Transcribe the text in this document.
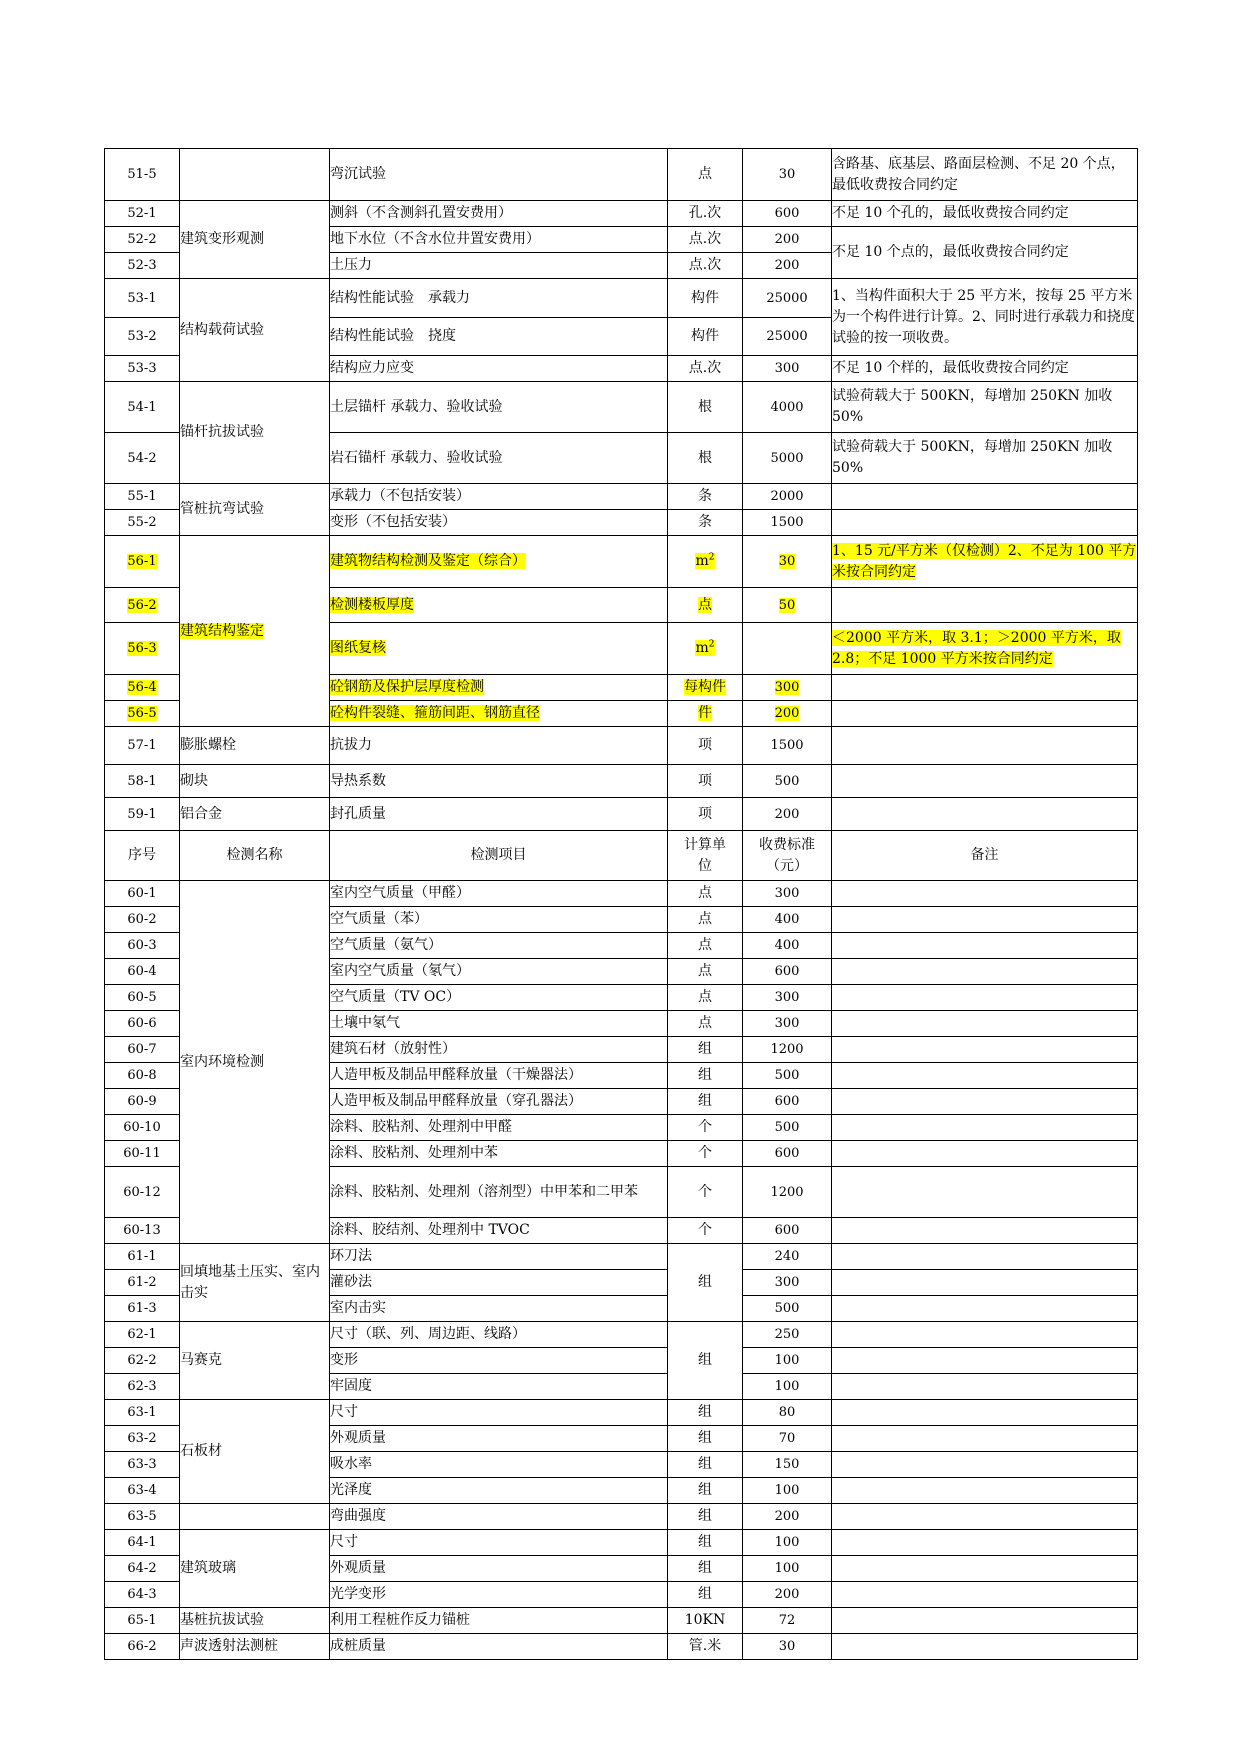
51-5		弯沉试验	点	30	含路基、底基层、路面层检测、不足 20 个点，最低收费按合同约定
52-1	建筑变形观测	测斜（不含测斜孔置安费用）	孔.次	600	不足 10 个孔的，最低收费按合同约定
52-2		地下水位（不含水位井置安费用）	点.次	200	不足 10 个点的，最低收费按合同约定
52-3		土压力	点.次	200	
53-1	结构载荷试验	结构性能试验　承载力	构件	25000	1、当构件面积大于 25 平方米，按每 25 平方米为一个构件进行计算。2、同时进行承载力和挠度试验的按一项收费。
53-2		结构性能试验　挠度	构件	25000	
53-3		结构应力应变	点.次	300	不足 10 个样的，最低收费按合同约定
54-1	锚杆抗拔试验	土层锚杆 承载力、验收试验	根	4000	试验荷载大于 500KN，每增加 250KN 加收 50%
54-2		岩石锚杆 承载力、验收试验	根	5000	试验荷载大于 500KN，每增加 250KN 加收 50%
55-1	管桩抗弯试验	承载力（不包括安装）	条	2000	
55-2		变形（不包括安装）	条	1500	
56-1	建筑结构鉴定	建筑物结构检测及鉴定（综合）	$m^2$	30	1、15 元/平方米（仅检测）2、不足为 100 平方米按合同约定
56-2		检测楼板厚度	点	50	
56-3		图纸复核	$m^2$		＜2000 平方米，取 3.1；＞2000 平方米，取 2.8；不足 1000 平方米按合同约定
56-4		砼钢筋及保护层厚度检测	每构件	300	
56-5		砼构件裂缝、箍筋间距、钢筋直径	件	200	
57-1	膨胀螺栓	抗拔力	项	1500	
58-1	砌块	导热系数	项	500	
59-1	铝合金	封孔质量	项	200	
序号	检测名称	检测项目	计算单位	收费标准（元）	备注
60-1	室内环境检测	室内空气质量（甲醛）	点	300	
60-2		空气质量（苯）	点	400	
60-3		空气质量（氨气）	点	400	
60-4		室内空气质量（氡气）	点	600	
60-5		空气质量（TV OC）	点	300	
60-6		土壤中氡气	点	300	
60-7		建筑石材（放射性）	组	1200	
60-8		人造甲板及制品甲醛释放量（干燥器法）	组	500	
60-9		人造甲板及制品甲醛释放量（穿孔器法）	组	600	
60-10		涂料、胶粘剂、处理剂中甲醛	个	500	
60-11		涂料、胶粘剂、处理剂中苯	个	600	
60-12		涂料、胶粘剂、处理剂（溶剂型）中甲苯和二甲苯	个	1200	
60-13		涂料、胶结剂、处理剂中 TVOC	个	600	
61-1	回填地基土压实、室内击实	环刀法	组	240	
61-2		灌砂法		300	
61-3		室内击实		500	
62-1	马赛克	尺寸（联、列、周边距、线路）	组	250	
62-2		变形		100	
62-3		牢固度		100	
63-1	石板材	尺寸	组	80	
63-2		外观质量	组	70	
63-3		吸水率	组	150	
63-4		光泽度	组	100	
63-5		弯曲强度	组	200	
64-1	建筑玻璃	尺寸	组	100	
64-2		外观质量	组	100	
64-3		光学变形	组	200	
65-1	基桩抗拔试验	利用工程桩作反力锚桩	10KN	72	
66-2	声波透射法测桩	成桩质量	管.米	30	
